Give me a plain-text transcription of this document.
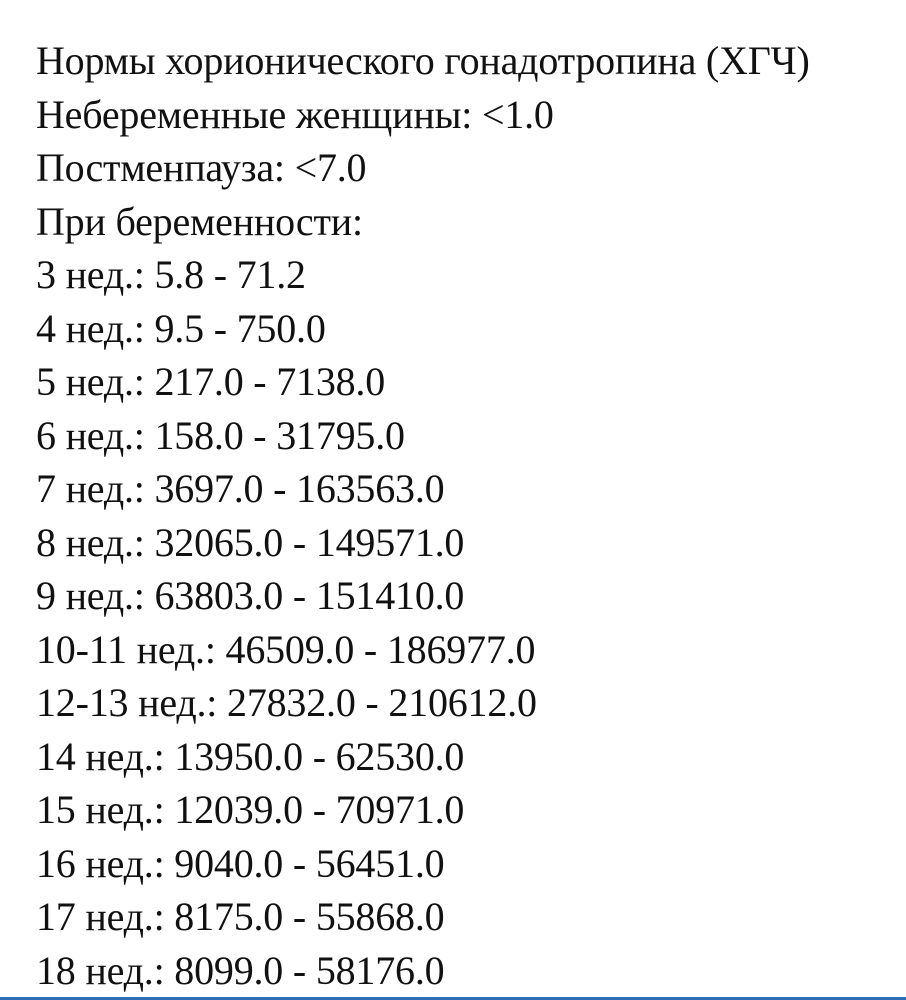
Нормы хорионического гонадотропина (ХГЧ)
Небеременные женщины: <1.0
Постменпауза: <7.0
При беременности:
3 нед.: 5.8 - 71.2
4 нед.: 9.5 - 750.0
5 нед.: 217.0 - 7138.0
6 нед.: 158.0 - 31795.0
7 нед.: 3697.0 - 163563.0
8 нед.: 32065.0 - 149571.0
9 нед.: 63803.0 - 151410.0
10-11 нед.: 46509.0 - 186977.0
12-13 нед.: 27832.0 - 210612.0
14 нед.: 13950.0 - 62530.0
15 нед.: 12039.0 - 70971.0
16 нед.: 9040.0 - 56451.0
17 нед.: 8175.0 - 55868.0
18 нед.: 8099.0 - 58176.0
